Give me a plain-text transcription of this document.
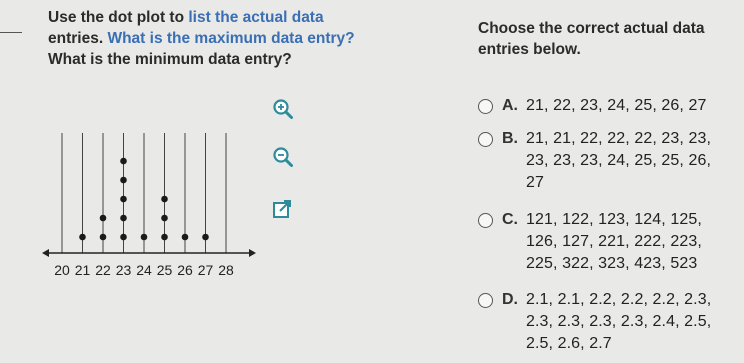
Use the dot plot to list the actual data
entries. What is the maximum data entry?
What is the minimum data entry?
Choose the correct actual data entries below.
20 21 22 23 24 25 26 27 28
A. 21, 22, 23, 24, 25, 26, 27
B. 21, 21, 22, 22, 22, 23, 23,
23, 23, 23, 24, 25, 25, 26,
27
C. 121, 122, 123, 124, 125,
126, 127, 221, 222, 223,
225, 322, 323, 423, 523
D. 2.1, 2.1, 2.2, 2.2, 2.2, 2.3,
2.3, 2.3, 2.3, 2.3, 2.4, 2.5,
2.5, 2.6, 2.7
